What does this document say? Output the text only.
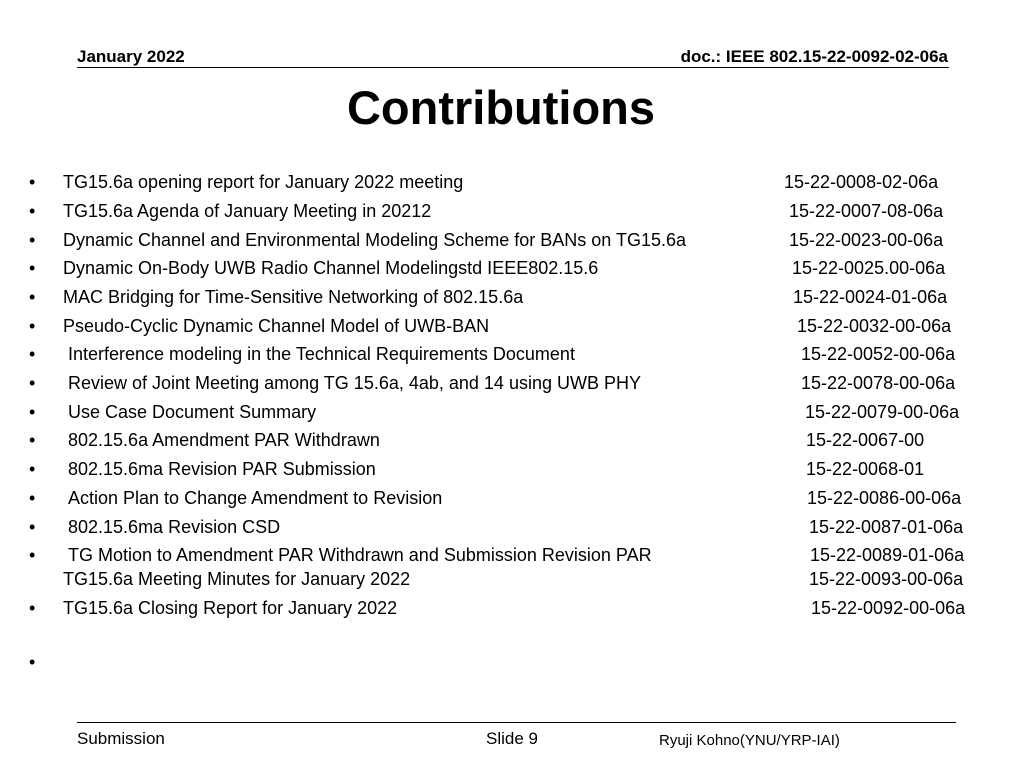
January 2022	doc.: IEEE 802.15-22-0092-02-06a
Contributions
• TG15.6a opening report for January 2022 meeting	15-22-0008-02-06a
• TG15.6a Agenda of January Meeting in 20212	15-22-0007-08-06a
• Dynamic Channel and Environmental Modeling Scheme for BANs on TG15.6a	15-22-0023-00-06a
• Dynamic On-Body UWB Radio Channel Modelingstd IEEE802.15.6	15-22-0025.00-06a
• MAC Bridging for Time-Sensitive Networking of 802.15.6a	15-22-0024-01-06a
• Pseudo-Cyclic Dynamic Channel Model of UWB-BAN	15-22-0032-00-06a
• Interference modeling in the Technical Requirements Document	15-22-0052-00-06a
• Review of Joint Meeting among TG 15.6a, 4ab, and 14 using UWB PHY	15-22-0078-00-06a
• Use Case Document Summary	15-22-0079-00-06a
• 802.15.6a Amendment PAR Withdrawn	15-22-0067-00
• 802.15.6ma Revision PAR Submission	15-22-0068-01
• Action Plan to Change Amendment to Revision	15-22-0086-00-06a
• 802.15.6ma Revision CSD	15-22-0087-01-06a
• TG Motion to Amendment PAR Withdrawn and Submission Revision PAR	15-22-0089-01-06a
TG15.6a Meeting Minutes for January 2022	15-22-0093-00-06a
• TG15.6a Closing Report for January 2022	15-22-0092-00-06a
•
Submission	Slide 9	Ryuji Kohno(YNU/YRP-IAI)
